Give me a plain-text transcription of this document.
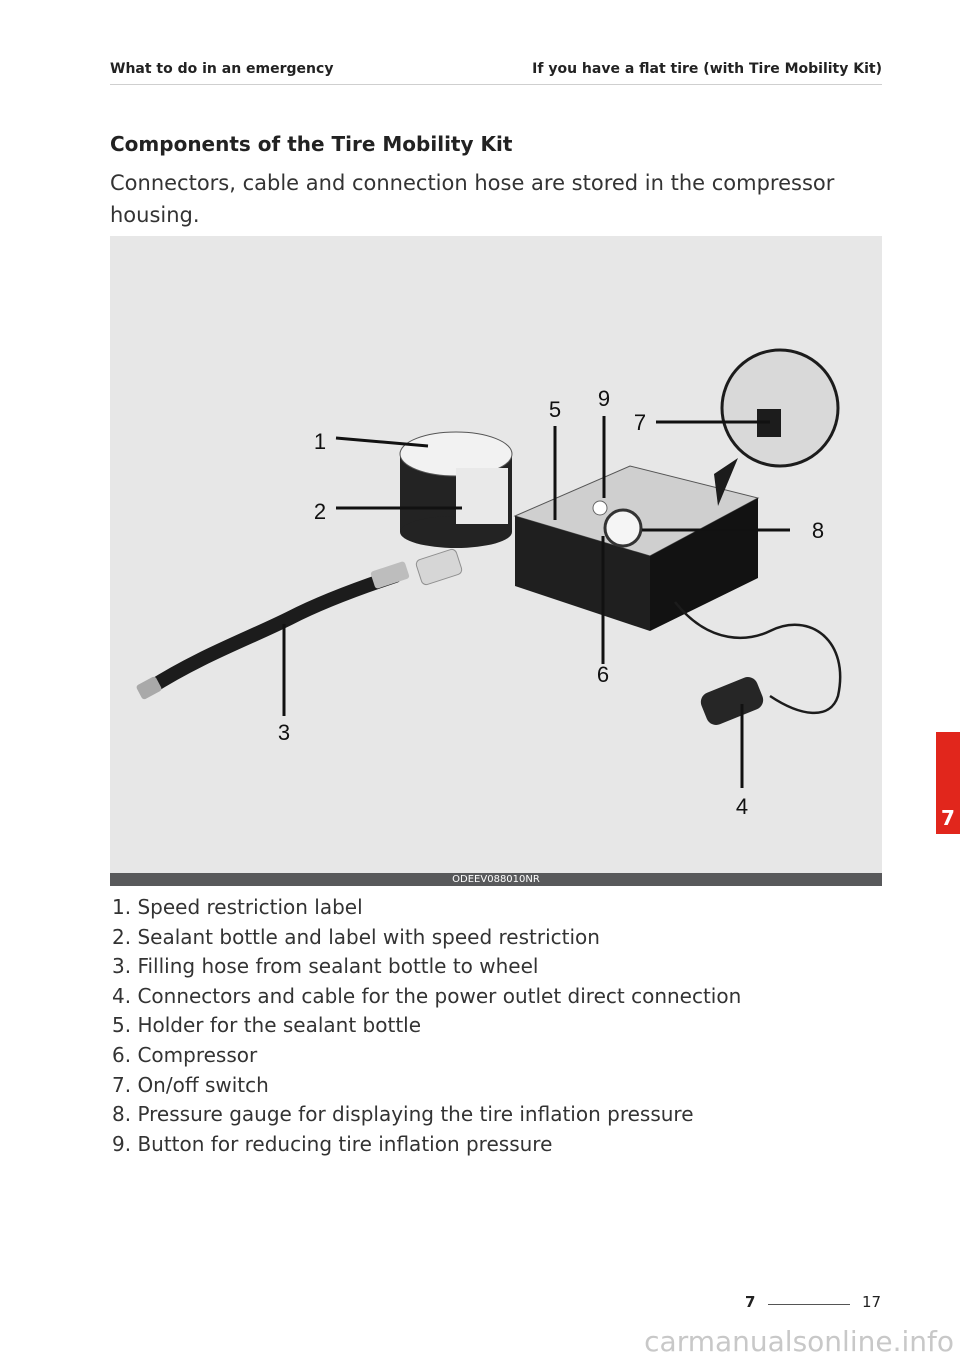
What to do in an emergency	If you have a flat tire (with Tire Mobility Kit)
Components of the Tire Mobility Kit
Connectors, cable and connection hose are stored in the compressor housing.
1
2
3
4
5
6
7
8
9
ODEEV088010NR
1. Speed restriction label
2. Sealant bottle and label with speed restriction
3. Filling hose from sealant bottle to wheel
4. Connectors and cable for the power outlet direct connection
5. Holder for the sealant bottle
6. Compressor
7. On/off switch
8. Pressure gauge for displaying the tire inflation pressure
9. Button for reducing tire inflation pressure
7
7	17
carmanualsonline.info
